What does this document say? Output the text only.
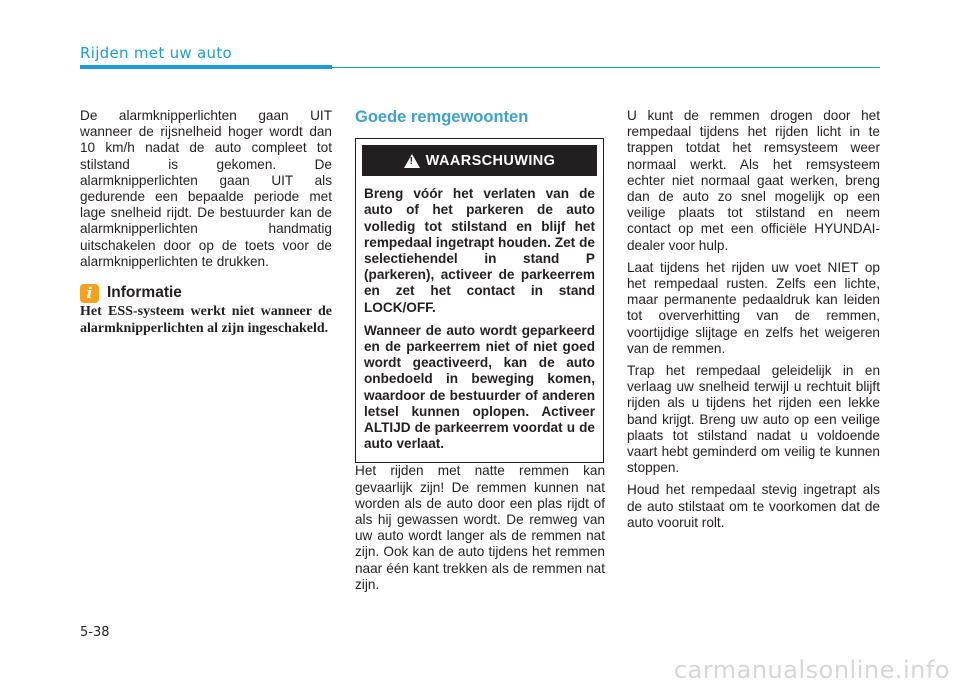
Rijden met uw auto

De alarmknipperlichten gaan UIT wanneer de rijsnelheid hoger wordt dan 10 km/h nadat de auto compleet tot stilstand is gekomen. De alarmknipperlichten gaan UIT als gedurende een bepaalde periode met lage snelheid rijdt. De bestuurder kan de alarmknipperlichten handmatig uitschakelen door op de toets voor de alarmknipperlichten te drukken.

i Informatie

Het ESS-systeem werkt niet wanneer de alarmknipperlichten al zijn ingeschakeld.

Goede remgewoonten
! WAARSCHUWING

Breng vóór het verlaten van de auto of het parkeren de auto volledig tot stilstand en blijf het rempedaal ingetrapt houden. Zet de selectiehendel in stand P (parkeren), activeer de parkeerrem en zet het contact in stand LOCK/OFF.

Wanneer de auto wordt geparkeerd en de parkeerrem niet of niet goed wordt geactiveerd, kan de auto onbedoeld in beweging komen, waardoor de bestuurder of anderen letsel kunnen oplopen. Activeer ALTIJD de parkeerrem voordat u de auto verlaat.

Het rijden met natte remmen kan gevaarlijk zijn! De remmen kunnen nat worden als de auto door een plas rijdt of als hij gewassen wordt. De remweg van uw auto wordt langer als de remmen nat zijn. Ook kan de auto tijdens het remmen naar één kant trekken als de remmen nat zijn.

U kunt de remmen drogen door het rempedaal tijdens het rijden licht in te trappen totdat het remsysteem weer normaal werkt. Als het remsysteem echter niet normaal gaat werken, breng dan de auto zo snel mogelijk op een veilige plaats tot stilstand en neem contact op met een officiële HYUNDAI-dealer voor hulp.

Laat tijdens het rijden uw voet NIET op het rempedaal rusten. Zelfs een lichte, maar permanente pedaaldruk kan leiden tot oververhitting van de remmen, voortijdige slijtage en zelfs het weigeren van de remmen.

Trap het rempedaal geleidelijk in en verlaag uw snelheid terwijl u rechtuit blijft rijden als u tijdens het rijden een lekke band krijgt. Breng uw auto op een veilige plaats tot stilstand nadat u voldoende vaart hebt geminderd om veilig te kunnen stoppen.

Houd het rempedaal stevig ingetrapt als de auto stilstaat om te voorkomen dat de auto vooruit rolt.

5-38
carmanualsonline.info
